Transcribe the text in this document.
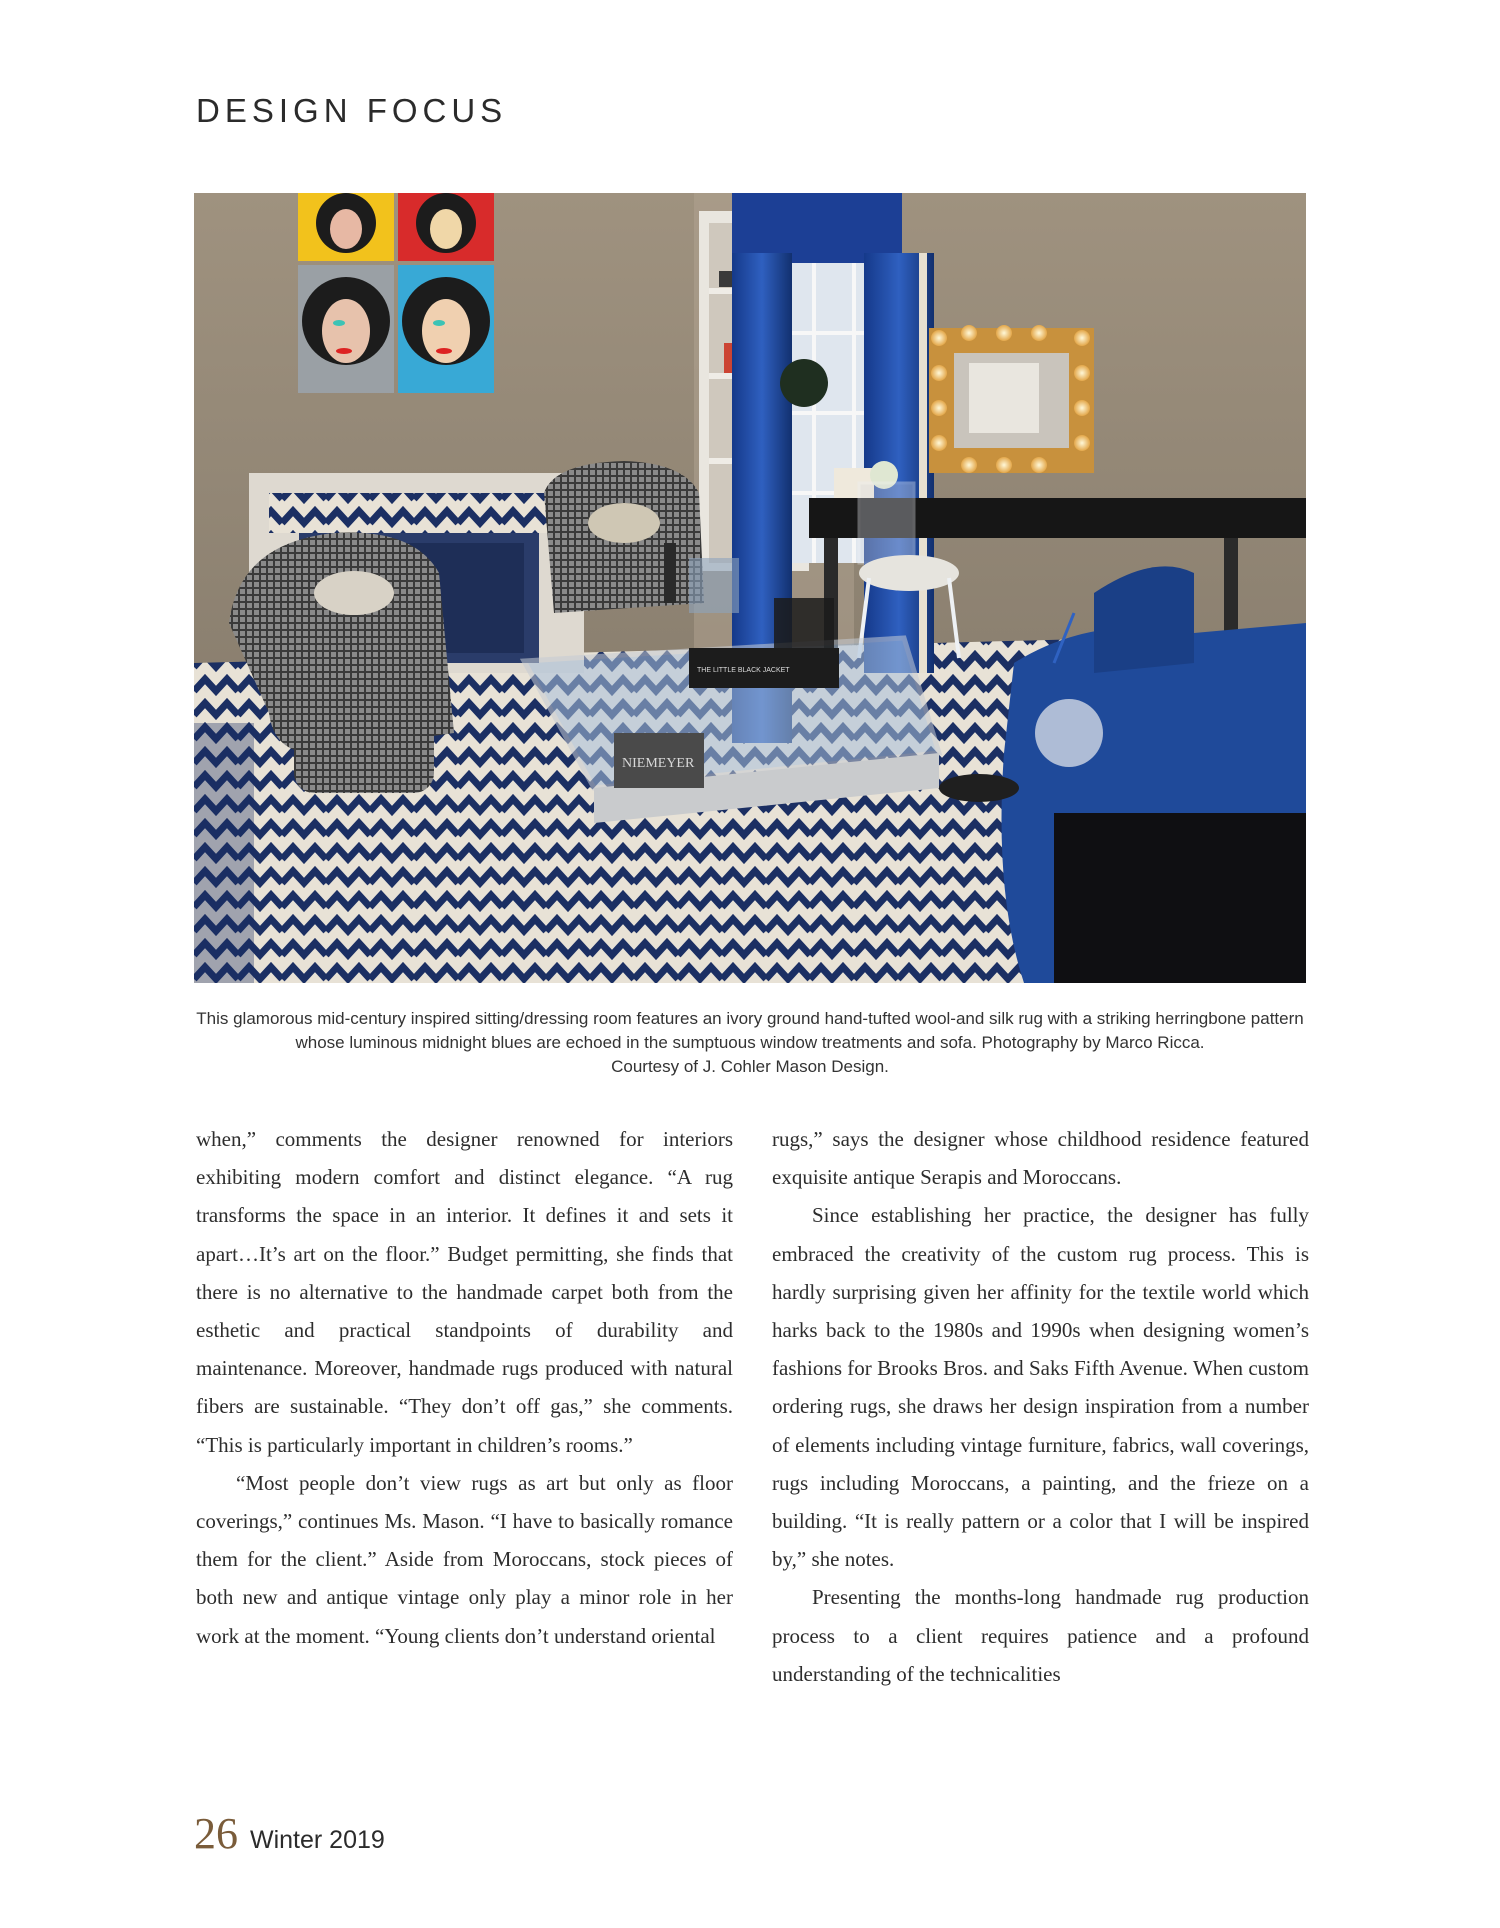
DESIGN FOCUS
NIEMEYER
THE LITTLE BLACK JACKET
This glamorous mid-century inspired sitting/dressing room features an ivory ground hand-tufted wool-and silk rug with a striking herringbone pattern whose luminous midnight blues are echoed in the sumptuous window treatments and sofa. Photography by Marco Ricca.
Courtesy of J. Cohler Mason Design.

when,” comments the designer renowned for interiors exhibiting modern comfort and distinct elegance. “A rug transforms the space in an interior. It defines it and sets it apart…It’s art on the floor.” Budget permitting, she finds that there is no alternative to the handmade carpet both from the esthetic and practical standpoints of durability and maintenance. Moreover, handmade rugs produced with natural fibers are sustainable. “They don’t off gas,” she comments. “This is particularly important in children’s rooms.”

“Most people don’t view rugs as art but only as floor coverings,” continues Ms. Mason. “I have to basically romance them for the client.” Aside from Moroccans, stock pieces of both new and antique vintage only play a minor role in her work at the moment. “Young clients don’t understand oriental

rugs,” says the designer whose childhood residence featured exquisite antique Serapis and Moroccans.

Since establishing her practice, the designer has fully embraced the creativity of the custom rug process. This is hardly surprising given her affinity for the textile world which harks back to the 1980s and 1990s when designing women’s fashions for Brooks Bros. and Saks Fifth Avenue. When custom ordering rugs, she draws her design inspiration from a number of elements including vintage furniture, fabrics, wall coverings, rugs including Moroccans, a painting, and the frieze on a building. “It is really pattern or a color that I will be inspired by,” she notes.

Presenting the months-long handmade rug production process to a client requires patience and a profound understanding of the technicalities

26 Winter 2019
